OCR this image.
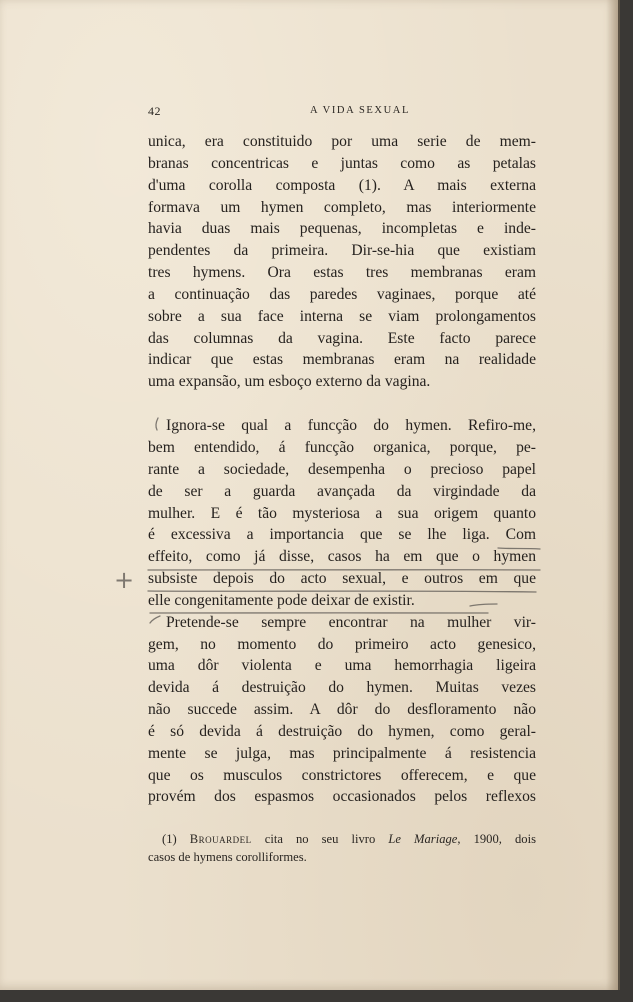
42	A VIDA SEXUAL
unica, era constituido por uma serie de mem-
branas concentricas e juntas como as petalas
d'uma corolla composta (1). A mais externa
formava um hymen completo, mas interiormente
havia duas mais pequenas, incompletas e inde-
pendentes da primeira. Dir-se-hia que existiam
tres hymens. Ora estas tres membranas eram
a continuação das paredes vaginaes, porque até
sobre a sua face interna se viam prolongamentos
das columnas da vagina. Este facto parece
indicar que estas membranas eram na realidade
uma expansão, um esboço externo da vagina.
Ignora-se qual a funcção do hymen. Refiro-me,
bem entendido, á funcção organica, porque, pe-
rante a sociedade, desempenha o precioso papel
de ser a guarda avançada da virgindade da
mulher. E é tão mysteriosa a sua origem quanto
é excessiva a importancia que se lhe liga. Com
effeito, como já disse, casos ha em que o hymen
subsiste depois do acto sexual, e outros em que
elle congenitamente pode deixar de existir.
Pretende-se sempre encontrar na mulher vir-
gem, no momento do primeiro acto genesico,
uma dôr violenta e uma hemorrhagia ligeira
devida á destruição do hymen. Muitas vezes
não succede assim. A dôr do desfloramento não
é só devida á destruição do hymen, como geral-
mente se julga, mas principalmente á resistencia
que os musculos constrictores offerecem, e que
provém dos espasmos occasionados pelos reflexos
(1) Brouardel cita no seu livro Le Mariage, 1900, dois
casos de hymens corolliformes.
+
